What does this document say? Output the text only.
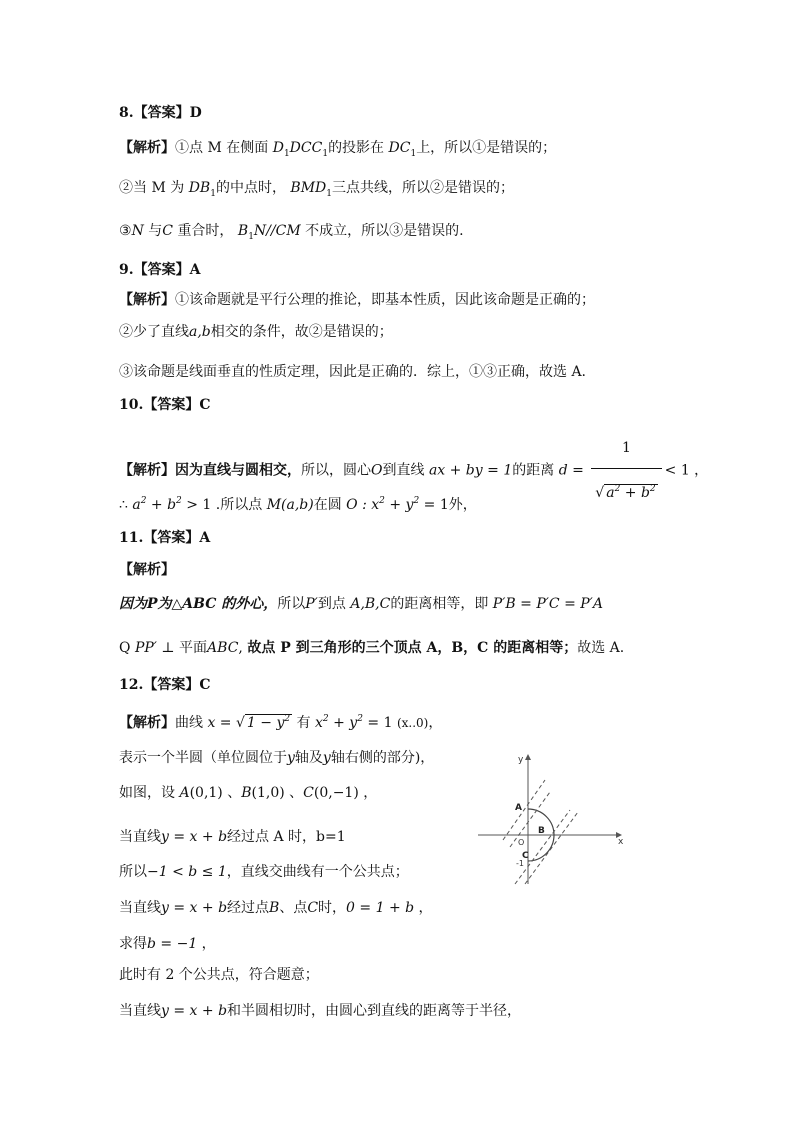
8.【答案】D
【解析】①点 M 在侧面 $D_1DCC_1$的投影在 $DC_1$上，所以①是错误的；
②当 M 为 $DB_1$的中点时， $BMD_1$三点共线，所以②是错误的；
③N 与C 重合时， $B_1N//CM$ 不成立，所以③是错误的.
9.【答案】A
【解析】①该命题就是平行公理的推论，即基本性质，因此该命题是正确的；
②少了直线a,b相交的条件，故②是错误的；
③该命题是线面垂直的性质定理，因此是正确的．综上，①③正确，故选 A.
10.【答案】C
【解析】因为直线与圆相交，所以，圆心O到直线 ax + by = 1的距离 $d = \frac{1}{√ a^2 + b^2} < 1$ ，
∴ $a^2 + b^2 > 1$ .所以点 M(a,b)在圆 O : $x^2 + y^2 = 1$外，
11.【答案】A
【解析】
因为P为△ABC 的外心，所以P′到点 A,B,C的距离相等，即 P′B = P′C = P′A
Q PP′ ⊥ 平面ABC, 故点 P 到三角形的三个顶点 A，B，C 的距离相等；故选 A.
12.【答案】C
【解析】曲线 x = √ $1 - y^2$ 有 $x^2 + y^2 = 1$ (x..0)，
表示一个半圆（单位圆位于y轴及y轴右侧的部分)，
如图，设 A(0,1) 、B(1,0) 、C(0,−1) ，
当直线y = x + b经过点 A 时，b=1
所以−1 < b ≤ 1，直线交曲线有一个公共点；
当直线y = x + b经过点B、点C时，0 = 1 + b ，
求得b = −1 ，
此时有 2 个公共点，符合题意；
当直线y = x + b和半圆相切时，由圆心到直线的距离等于半径，
x
y
O
A
B
C
-1
